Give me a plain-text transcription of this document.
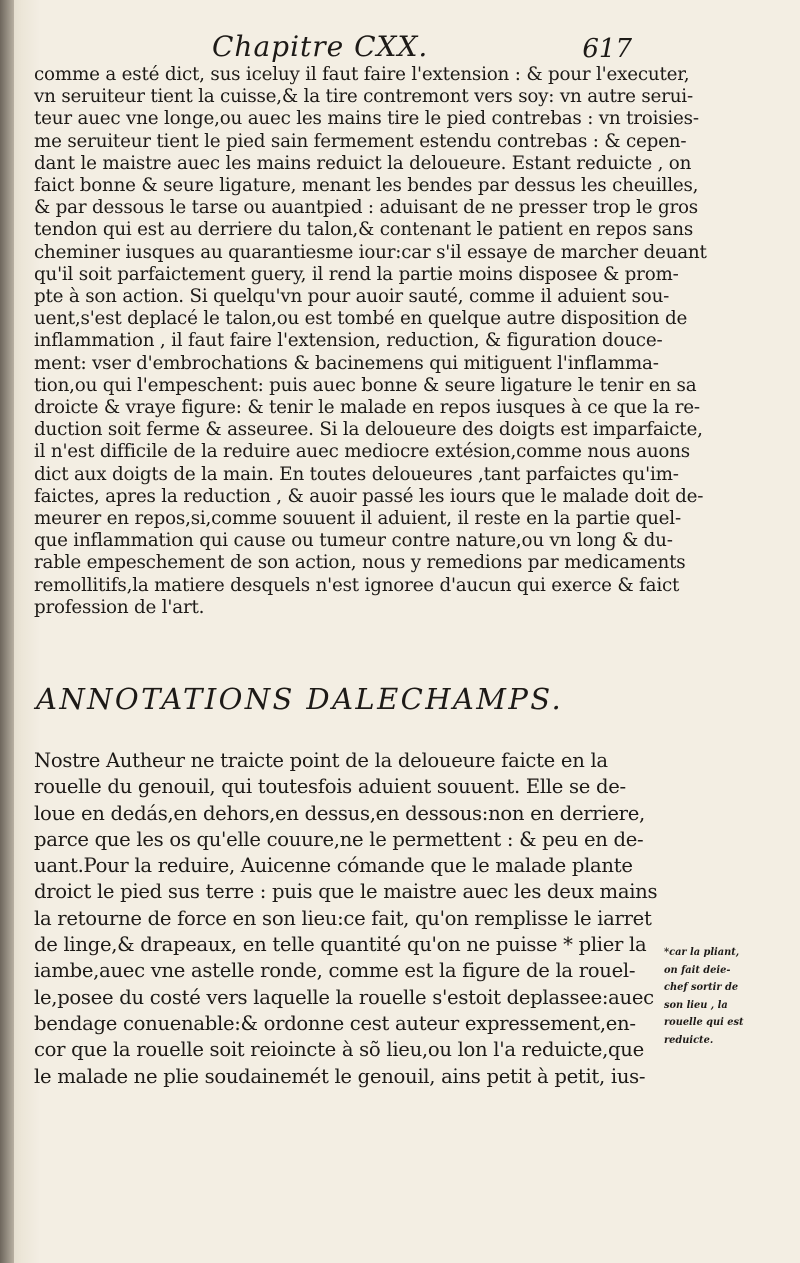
Chapitre CXX.	617
comme a esté dict, sus iceluy il faut faire l'extension : & pour l'executer,
vn seruiteur tient la cuisse,& la tire contremont vers soy: vn autre serui-
teur auec vne longe,ou auec les mains tire le pied contrebas : vn troisies-
me seruiteur tient le pied sain fermement estendu contrebas : & cepen-
dant le maistre auec les mains reduict la deloueure. Estant reduicte , on
faict bonne & seure ligature, menant les bendes par dessus les cheuilles,
& par dessous le tarse ou auantpied : aduisant de ne presser trop le gros
tendon qui est au derriere du talon,& contenant le patient en repos sans
cheminer iusques au quarantiesme iour:car s'il essaye de marcher deuant
qu'il soit parfaictement guery, il rend la partie moins disposee & prom-
pte à son action. Si quelqu'vn pour auoir sauté, comme il aduient sou-
uent,s'est deplacé le talon,ou est tombé en quelque autre disposition de
inflammation , il faut faire l'extension, reduction, & figuration douce-
ment: vser d'embrochations & bacinemens qui mitiguent l'inflamma-
tion,ou qui l'empeschent: puis auec bonne & seure ligature le tenir en sa
droicte & vraye figure: & tenir le malade en repos iusques à ce que la re-
duction soit ferme & asseuree. Si la deloueure des doigts est imparfaicte,
il n'est difficile de la reduire auec mediocre extésion,comme nous auons
dict aux doigts de la main. En toutes deloueures ,tant parfaictes qu'im-
faictes, apres la reduction , & auoir passé les iours que le malade doit de-
meurer en repos,si,comme souuent il aduient, il reste en la partie quel-
que inflammation qui cause ou tumeur contre nature,ou vn long & du-
rable empeschement de son action, nous y remedions par medicaments
remollitifs,la matiere desquels n'est ignoree d'aucun qui exerce & faict
profession de l'art.
ANNOTATIONS DALECHAMPS.
Nostre Autheur ne traicte point de la deloueure faicte en la
rouelle du genouil, qui toutesfois aduient souuent. Elle se de-
loue en dedás,en dehors,en dessus,en dessous:non en derriere,
parce que les os qu'elle couure,ne le permettent : & peu en de-
uant.Pour la reduire, Auicenne cómande que le malade plante
droict le pied sus terre : puis que le maistre auec les deux mains
la retourne de force en son lieu:ce fait, qu'on remplisse le iarret
de linge,& drapeaux, en telle quantité qu'on ne puisse * plier la
iambe,auec vne astelle ronde, comme est la figure de la rouel-
le,posee du costé vers laquelle la rouelle s'estoit deplassee:auec
bendage conuenable:& ordonne cest auteur expressement,en-
cor que la rouelle soit reioincte à sõ lieu,ou lon l'a reduicte,que
le malade ne plie soudainemét le genouil, ains petit à petit, ius-
*car la pliant,
on fait deie-
chef sortir de
son lieu , la
rouelle qui est
reduicte.
